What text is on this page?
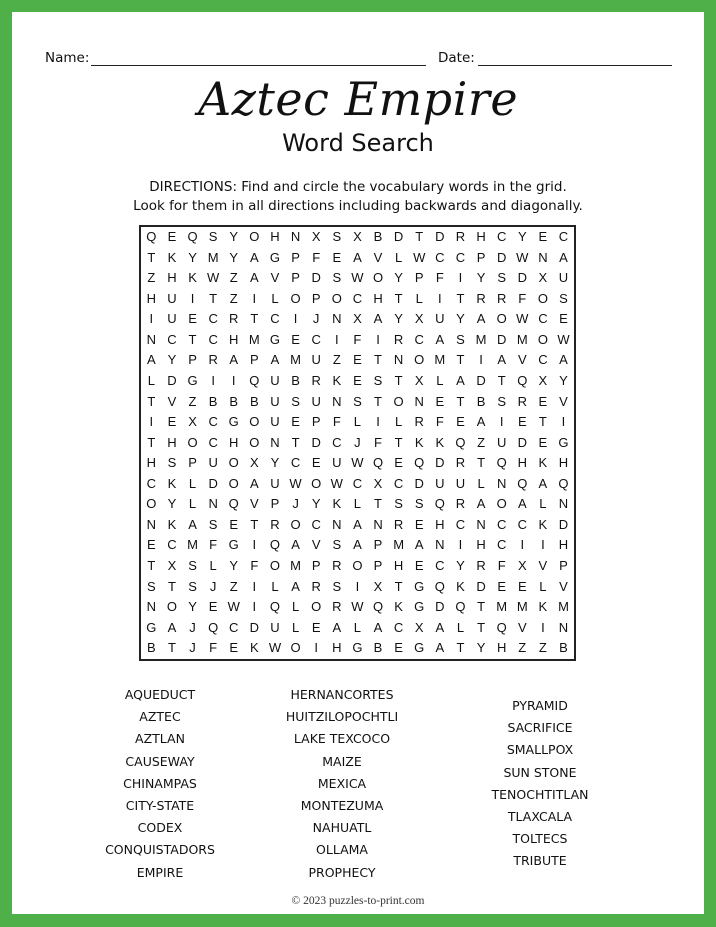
Name:	Date:
Aztec Empire
Word Search
DIRECTIONS: Find and circle the vocabulary words in the grid.
Look for them in all directions including backwards and diagonally.
Q E Q S Y O H N X S X B D T D R H C Y E C
T K Y M Y A G P F E A V L W C C P D W N A
Z H K W Z A V P D S W O Y P F	I	Y S D X U
H U	I	T Z	I	L O P O C H T	L	I	T R R F O S
I	U E C R T C	I	J N X A Y X U Y A O W C E
N C T C H M G E C	I	F	I	R C A S M D M O W
A Y P R A P A M U Z E T N O M T	I	A V C A
L D G	I	I	Q U B R K E S T X L A D T Q X Y
T V Z B B B U S U N S T O N E T B S R E V
I	E X C G O U E P F	L	I	L R F E A	I	E T	I
T H O C H O N T D C J	F T K K Q Z U D E G
H S P U O X Y C E U W Q E Q D R T Q H K H
C K L D O A U W O W C X C D U U L N Q A Q
O Y L N Q V P	J	Y K L	T S S Q R A O A L N
N K A S E T R O C N A N R E H C N C C K D
E C M F G	I	Q A V S A P M A N	I	H C	I	I	H
T X S L Y F O M P R O P H E C Y R F X V P
S T S	J	Z	I	L A R S	I	X T G Q K D E E L V
N O Y E W I	Q L O R W Q K G D Q T M M K M
G A	J Q C D U L E A L A C X A L	T Q V	I	N
B T	J	F E K W O	I	H G B E G A T Y H Z Z B
AQUEDUCT
AZTEC
AZTLAN
CAUSEWAY
CHINAMPAS
CITY-STATE
CODEX
CONQUISTADORS
EMPIRE
HERNANCORTES
HUITZILOPOCHTLI
LAKE TEXCOCO
MAIZE
MEXICA
MONTEZUMA
NAHUATL
OLLAMA
PROPHECY
PYRAMID
SACRIFICE
SMALLPOX
SUN STONE
TENOCHTITLAN
TLAXCALA
TOLTECS
TRIBUTE
© 2023 puzzles-to-print.com
